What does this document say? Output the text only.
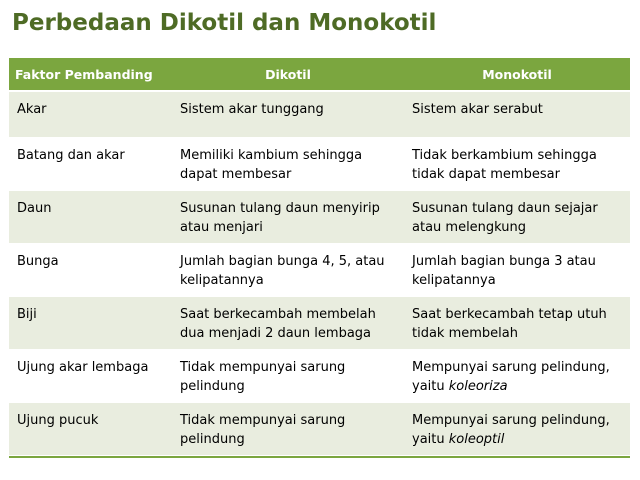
Perbedaan Dikotil dan Monokotil
Faktor Pembanding	Dikotil	Monokotil
Akar	Sistem akar tunggang	Sistem akar serabut
Batang dan akar	Memiliki kambium sehingga dapat membesar	Tidak berkambium sehingga tidak dapat membesar
Daun	Susunan tulang daun menyirip atau menjari	Susunan tulang daun sejajar atau melengkung
Bunga	Jumlah bagian bunga 4, 5, atau kelipatannya	Jumlah bagian bunga 3 atau kelipatannya
Biji	Saat berkecambah membelah dua menjadi 2 daun lembaga	Saat berkecambah tetap utuh tidak membelah
Ujung akar lembaga	Tidak mempunyai sarung pelindung	Mempunyai sarung pelindung, yaitu koleoriza
Ujung pucuk	Tidak mempunyai sarung pelindung	Mempunyai sarung pelindung, yaitu koleoptil
